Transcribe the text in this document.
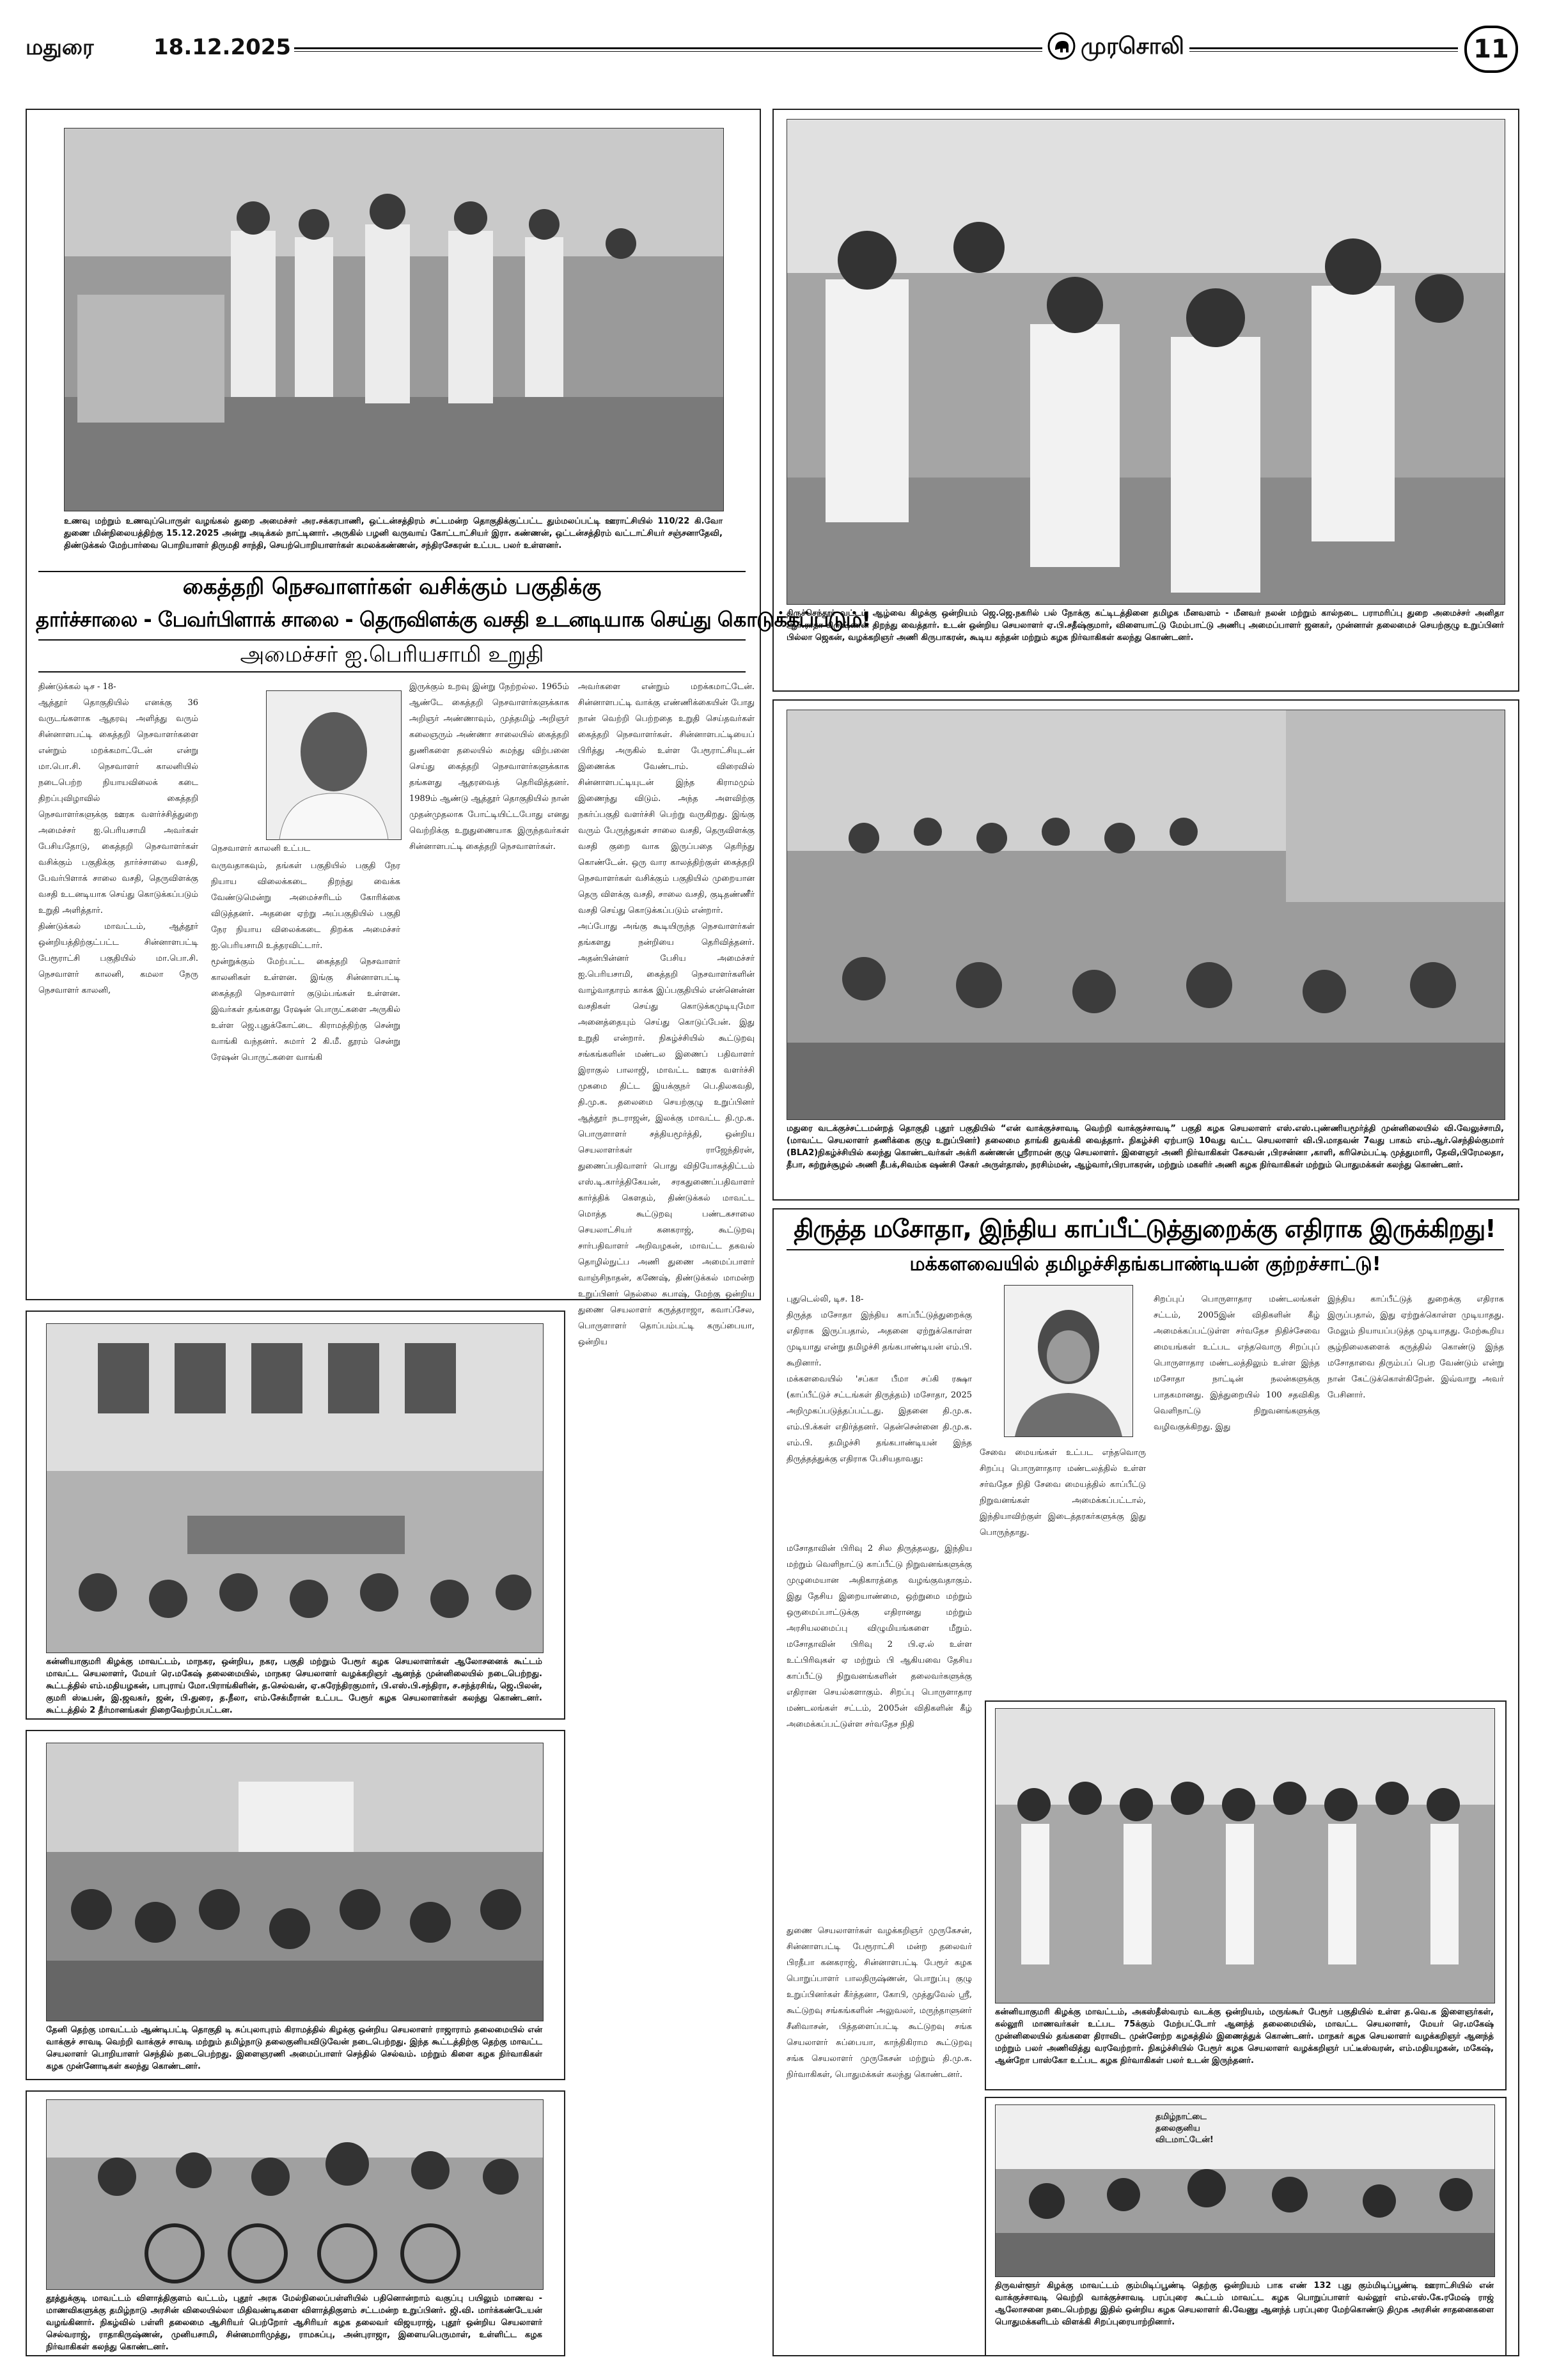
மதுரை	18.12.2025	முரசொலி	11
உணவு மற்றும் உணவுப்பொருள் வழங்கல் துறை அமைச்சர் அர.சக்கரபாணி, ஒட்டன்சத்திரம் சட்டமன்ற தொகுதிக்குட்பட்ட தும்மலப்பட்டி ஊராட்சியில் 110/22 கி.வோ துணை மின்நிலையத்திற்கு 15.12.2025 அன்று அடிக்கல் நாட்டினார். அருகில் பழனி வருவாய் கோட்டாட்சியர் இரா. கண்ணன், ஒட்டன்சத்திரம் வட்டாட்சியர் சஞ்சனாதேவி, திண்டுக்கல் மேற்பார்வை பொறியாளர் திருமதி சாந்தி, செயற்பொறியாளர்கள் கமலக்கண்ணன், சந்திரசேகரன் உட்பட பலர் உள்ளனர்.
கைத்தறி நெசவாளர்கள் வசிக்கும் பகுதிக்கு
தார்ச்சாலை - பேவர்பிளாக் சாலை - தெருவிளக்கு வசதி உடனடியாக செய்து கொடுக்கப்படும்!
அமைச்சர் ஐ.பெரியசாமி உறுதி
திண்டுக்கல் டிச - 18-
ஆத்தூர் தொகுதியில் எனக்கு 36 வருடங்களாக ஆதரவு அளித்து வரும் சின்னாளபட்டி கைத்தறி நெசவாளர்களை என்றும் மறக்கமாட்டேன் என்று மா.பொ.சி. நெசவாளர் காலனியில் நடைபெற்ற நியாயவிலைக் கடை திறப்புவிழாவில் கைத்தறி நெசவாளர்களுக்கு ஊரக வளர்ச்சித்துறை அமைச்சர் ஐ.பெரியசாமி அவர்கள் பேசியதோடு, கைத்தறி நெசவாளர்கள் வசிக்கும் பகுதிக்கு தார்ச்சாலை வசதி, பேவர்பிளாக் சாலை வசதி, தெருவிளக்கு வசதி உடனடியாக செய்து கொடுக்கப்படும் உறுதி அளித்தார்.
திண்டுக்கல் மாவட்டம், ஆத்தூர் ஒன்றியத்திற்குட்பட்ட சின்னாளபட்டி பேரூராட்சி பகுதியில் மா.பொ.சி. நெசவாளர் காலனி, கமலா நேரு நெசவாளர் காலனி,
நெசவாளர் காலனி உட்பட
வருவதாகவும், தங்கள் பகுதியில் பகுதி நேர நியாய விலைக்கடை திறந்து வைக்க வேண்டுமென்று அமைச்சரிடம் கோரிக்கை விடுத்தனர். அதனை ஏற்று அப்பகுதியில் பகுதி நேர நியாய விலைக்கடை திறக்க அமைச்சர் ஐ.பெரியசாமி உத்தரவிட்டார்.
மூன்றுக்கும் மேற்பட்ட கைத்தறி நெசவாளர் காலனிகள் உள்ளன. இங்கு சின்னாளபட்டி கைத்தறி நெசவாளர் குடும்பங்கள் உள்ளன. இவர்கள் தங்களது ரேஷன் பொருட்களை அருகில் உள்ள ஜெ.புதுக்கோட்டை கிராமத்திற்கு சென்று வாங்கி வந்தனர். சுமார் 2 கி.மீ. தூரம் சென்று ரேஷன் பொருட்களை வாங்கி
இருக்கும் உறவு இன்று நேற்றல்ல. 1965ம் ஆண்டே கைத்தறி நெசவாளர்களுக்காக அறிஞர் அண்ணாவும், முத்தமிழ் அறிஞர் கலைஞரும் அண்ணா சாலையில் கைத்தறி துணிகளை தலையில் சுமந்து விற்பனை செய்து கைத்தறி நெசவாளர்களுக்காக தங்களது ஆதரவைத் தெரிவித்தனர். 1989ம் ஆண்டு ஆத்தூர் தொகுதியில் நான் முதன்முதலாக போட்டியிட்டபோது எனது வெற்றிக்கு உறுதுணையாக இருந்தவர்கள் சின்னாளபட்டி கைத்தறி நெசவாளர்கள்.
திருச்செந்தூர் வட்டம் ஆழ்வை கிழக்கு ஒன்றியம் ஜெ.ஜெ.நகரில் பல் நோக்கு கட்டிடத்தினை தமிழக மீனவளம் - மீனவர் நலன் மற்றும் கால்நடை பராமரிப்பு துறை அமைச்சர் அனிதா ஆர்.ராதா கிருஷ்ணன் திறந்து வைத்தார். உடன் ஒன்றிய செயலாளர் ஏ.பி.சதீஷ்குமார், விளையாட்டு மேம்பாட்டு அணிபு அமைப்பாளர் ஜனகர், முன்னாள் தலைமைச் செயற்குழு உறுப்பினர் பில்லா ஜெகன், வழக்கறிஞர் அணி கிருபாகரன், கூடிய கந்தன் மற்றும் கழக நிர்வாகிகள் கலந்து கொண்டனர்.
மதுரை வடக்குச்சட்டமன்றத் தொகுதி புதூர் பகுதியில் “என் வாக்குச்சாவடி வெற்றி வாக்குச்சாவடி” பகுதி கழக செயலாளர் எஸ்.எஸ்.புண்ணியமூர்த்தி முன்னிலையில் வி.வேலுச்சாமி, (மாவட்ட செயலாளர் தணிக்கை குழு உறுப்பினர்) தலைமை தாங்கி துவக்கி வைத்தார். நிகழ்ச்சி ஏற்பாடு 10வது வட்ட செயலாளர் வி.பி.மாதவன் 7வது பாகம் எம்.ஆர்.செந்தில்குமார் (BLA2)நிகழ்ச்சியில் கலந்து கொண்டவர்கள் அக்ரி கண்ணன் ஸ்ரீராமன் குழு செயலாளர். இளைஞர் அணி நிர்வாகிகள் கேசவன் ,பிரசன்னா ,காளி, கரிசெம்பட்டி முத்துமாரி, தேவி,பிரேமலதா, தீபா, சுற்றுச்சூழல் அணி தீபக்,சிவம்க ஷண்சி சேகர் அருள்தாஸ், நரசிம்மன், ஆழ்வார்,பிரபாகரன், மற்றும் மகளிர் அணி கழக நிர்வாகிகள் மற்றும் பொதுமக்கள் கலந்து கொண்டனர்.
கன்னியாகுமரி கிழக்கு மாவட்டம், மாநகர, ஒன்றிய, நகர, பகுதி மற்றும் பேரூர் கழக செயலாளர்கள் ஆலோசனைக் கூட்டம் மாவட்ட செயலாளர், மேயர் ரெ.மகேஷ் தலைமையில், மாநகர செயலாளர் வழக்கறிஞர் ஆனந்த் முன்னிலையில் நடைபெற்றது. கூட்டத்தில் எம்.மதியழகன், பாபுராய் மோ.பிராங்கிளின், த.செல்வன், ஏ.சுரேந்திரகுமார், பி.எஸ்.பி.சந்திரா, ச.சந்த்ரசிங், ஜெ.பிலன், குமரி ஸ்டீபன், இ.ஜவகர், ஜன், பி.துரை, த.நீலா, எம்.சேக்மீரான் உட்பட பேரூர் கழக செயலாளர்கள் கலந்து கொண்டனர். கூட்டத்தில் 2 தீர்மானங்கள் நிறைவேற்றப்பட்டன.
தேனி தெற்கு மாவட்டம் ஆண்டிபட்டி தொகுதி டி சுப்புலாபுரம் கிராமத்தில் கிழக்கு ஒன்றிய செயலாளர் ராஜாராம் தலைமையில் என் வாக்குச் சாவடி வெற்றி வாக்குச் சாவடி மற்றும் தமிழ்நாடு தலைகுனியவிடுவேன் நடைபெற்றது. இந்த கூட்டத்திற்கு தெற்கு மாவட்ட செயலாளர் பொறியாளர் செந்தில் நடைபெற்றது. இளைஞரணி அமைப்பாளர் செந்தில் செல்வம். மற்றும் கிளை கழக நிர்வாகிகள் கழக முன்னோடிகள் கலந்து கொண்டனர்.
தூத்துக்குடி மாவட்டம் விளாத்திகுளம் வட்டம், புதூர் அரசு மேல்நிலைப்பள்ளியில் பதினொன்றாம் வகுப்பு பயிலும் மாணவ - மாணவிகளுக்கு தமிழ்நாடு அரசின் விலையில்லா மிதிவண்டிகளை விளாத்திகுளம் சட்டமன்ற உறுப்பினர். ஜி.வி. மார்க்கண்டேயன் வழங்கினார். நிகழ்வில் பள்ளி தலைமை ஆசிரியர் பெற்றோர் ஆசிரியர் கழக தலைவர் விஜயராஜ், புதூர் ஒன்றிய செயலாளர் செல்வராஜ், ராதாகிருஷ்ணன், முனியசாமி, சின்னமாரிமுத்து, ராமசுப்பு, அன்புராஜா, இளையபெருமாள், உள்ளிட்ட கழக நிர்வாகிகள் கலந்து கொண்டனர்.
அவர்களை என்றும் மறக்கமாட்டேன். சின்னாளபட்டி வாக்கு எண்ணிக்கையின் போது நான் வெற்றி பெற்றதை உறுதி செய்தவர்கள் கைத்தறி நெசவாளர்கள். சின்னாளபட்டியைப் பிரித்து அருகில் உள்ள பேரூராட்சியுடன் இணைக்க வேண்டாம். விரைவில் சின்னாளபட்டியுடன் இந்த கிராமமும் இணைந்து விடும். அந்த அளவிற்கு நகர்ப்பகுதி வளர்ச்சி பெற்று வருகிறது. இங்கு வரும் பேருந்துகள் சாலை வசதி, தெருவிளக்கு வசதி குறை வாக இருப்பதை தெரிந்து கொண்டேன். ஒரு வார காலத்திற்குள் கைத்தறி நெசவாளர்கள் வசிக்கும் பகுதியில் முறையான தெரு விளக்கு வசதி, சாலை வசதி, குடிதண்ணீர் வசதி செய்து கொடுக்கப்படும் என்றார்.
அப்போது அங்கு கூடியிருந்த நெசவாளர்கள் தங்களது நன்றியை தெரிவித்தனர். அதன்பின்னர் பேசிய அமைச்சர் ஐ.பெரியசாமி, கைத்தறி நெசவாளர்களின் வாழ்வாதாரம் காக்க இப்பகுதியில் என்னென்ன வசதிகள் செய்து கொடுக்கமுடியுமோ அனைத்தையும் செய்து கொடுப்பேன். இது உறுதி என்றார். நிகழ்ச்சியில் கூட்டுறவு சங்கங்களின் மண்டல இணைப் பதிவாளர் இராகுல் பாலாஜி, மாவட்ட ஊரக வளர்ச்சி முகமை திட்ட இயக்குநர் பெ.திலகவதி, தி.மு.க. தலைமை செயற்குழு உறுப்பினர் ஆத்தூர் நடராஜன், இலக்கு மாவட்ட தி.மு.க. பொருளாளர் சத்தியமூர்த்தி, ஒன்றிய செயலாளர்கள் ராஜேந்திரன், துணைப்பதிவாளர் பொது விநியோகத்திட்டம் எஸ்.டி.கார்த்திகேயன், சரகதுணைப்பதிவாளர் கார்த்திக் கௌதம், திண்டுக்கல் மாவட்ட மொத்த கூட்டுறவு பண்டகசாலை செயலாட்சியர் கனகராஜ், கூட்டுறவு சார்பதிவாளர் அறிவழகன், மாவட்ட தகவல் தொழில்நுட்ப அணி துணை அமைப்பாளர் வாஞ்சிநாதன், கணேஷ், திண்டுக்கல் மாமன்ற உறுப்பினர் நெல்லை சுபாஷ், மேற்கு ஒன்றிய துணை செயலாளர் கருத்தராஜா, கவாப்சேல, பொருளாளர் தொப்பம்பட்டி கருப்பையா, ஒன்றிய
திருத்த மசோதா, இந்திய காப்பீட்டுத்துறைக்கு எதிராக இருக்கிறது!
மக்களவையில் தமிழச்சிதங்கபாண்டியன் குற்றச்சாட்டு!
புதுடெல்லி, டிச. 18-
திருத்த மசோதா இந்திய காப்பீட்டுத்துறைக்கு எதிராக இருப்பதால், அதனை ஏற்றுக்கொள்ள முடியாது என்று தமிழச்சி தங்கபாண்டியன் எம்.பி. கூறினார்.
மக்களவையில் 'சப்கா பீமா சப்கி ரக்ஷா (காப்பீட்டுச் சட்டங்கள் திருத்தம்) மசோதா, 2025 அறிமுகப்படுத்தப்பட்டது. இதனை தி.மு.க. எம்.பி.க்கள் எதிர்த்தனர். தென்சென்னை தி.மு.க. எம்.பி. தமிழச்சி தங்கபாண்டியன் இந்த திருத்தத்துக்கு எதிராக பேசியதாவது:
மசோதாவின் பிரிவு 2 சில திருத்தலது, இந்திய மற்றும் வெளிநாட்டு காப்பீட்டு நிறுவனங்களுக்கு முழுமையான அதிகாரத்தை வழங்குவதாகும். இது தேசிய இறையாண்மை, ஒற்றுமை மற்றும் ஒருமைப்பாட்டுக்கு எதிரானது மற்றும் அரசியலமைப்பு விழுமியங்களை மீறும். மசோதாவின் பிரிவு 2 பி.ஏ.ல் உள்ள உட்பிரிவுகள் ஏ மற்றும் பி ஆகியவை தேசிய காப்பீட்டு நிறுவனங்களின் தலைவர்களுக்கு எதிரான செயல்களாகும். சிறப்பு பொருளாதார மண்டலங்கள் சட்டம், 2005ன் விதிகளின் கீழ் அமைக்கப்பட்டுள்ள சர்வதேச நிதி
சேவை மையங்கள் உட்பட எந்தவொரு சிறப்பு பொருளாதார மண்டலத்தில் உள்ள சர்வதேச நிதி சேவை மையத்தில் காப்பீட்டு நிறுவனங்கள் அமைக்கப்பட்டால், இந்தியாவிற்குள் இடைத்தரகர்களுக்கு இது பொருந்தாது.
சிறப்புப் பொருளாதார மண்டலங்கள் சட்டம், 2005இன் விதிகளின் கீழ் அமைக்கப்பட்டுள்ள சர்வதேச நிதிச்சேவை மையங்கள் உட்பட எந்தவொரு சிறப்புப் பொருளாதார மண்டலத்திலும் உள்ள இந்த மசோதா நாட்டின் நலன்களுக்கு பாதகமானது. இத்துறையில் 100 சதவிகித வெளிநாட்டு நிறுவனங்களுக்கு வழிவகுக்கிறது. இது
இந்திய காப்பீட்டுத் துறைக்கு எதிராக இருப்பதால், இது ஏற்றுக்கொள்ள முடியாதது. மேலும் நியாயப்படுத்த முடியாதது. மேற்கூறிய சூழ்நிலைகளைக் கருத்தில் கொண்டு இந்த மசோதாவை திரும்பப் பெற வேண்டும் என்று நான் கேட்டுக்கொள்கிறேன். இவ்வாறு அவர் பேசினார்.
கன்னியாகுமரி கிழக்கு மாவட்டம், அகஸ்தீஸ்வரம் வடக்கு ஒன்றியம், மருங்கூர் பேரூர் பகுதியில் உள்ள த.வெ.க இளைஞர்கள், கல்லூரி மாணவர்கள் உட்பட 75க்கும் மேற்பட்டோர் ஆனந்த் தலைமையில், மாவட்ட செயலாளர், மேயர் ரெ.மகேஷ் முன்னிலையில் தங்களை திராவிட முன்னேற்ற கழகத்தில் இணைத்துக் கொண்டனர். மாநகர் கழக செயலாளர் வழக்கறிஞர் ஆனந்த் மற்றும் பலர் அணிவித்து வரவேற்றார். நிகழ்ச்சியில் பேரூர் கழக செயலாளர் வழக்கறிஞர் பட்டீஸ்வரன், எம்.மதியழகன், மகேஷ், ஆன்றோ பாஸ்கோ உட்பட கழக நிர்வாகிகள் பலர் உடன் இருந்தனர்.
துணை செயலாளர்கள் வழக்கறிஞர் முருகேசன், சின்னாளபட்டி பேரூராட்சி மன்ற தலைவர் பிரதீபா கனகராஜ், சின்னாளபட்டி பேரூர் கழக பொறுப்பாளர் பாலதிருஷ்ணன், பொறுப்பு குழு உறுப்பினர்கள் கீர்த்தனா, கோபி, முத்துவேல் ஸ்ரீ, கூட்டுறவு சங்கங்களின் அலுவலர், மருந்தாளுனர் சீனிவாசன், பித்தளைப்பட்டி கூட்டுறவு சங்க செயலாளர் சுப்பையா, காந்திகிராம கூட்டுறவு சங்க செயலாளர் முருகேசன் மற்றும் தி.மு.க. நிர்வாகிகள், பொதுமக்கள் கலந்து கொண்டனர்.
தமிழ்நாட்டை தலைகுனிய விடமாட்டேன்!
திருவள்ளூர் கிழக்கு மாவட்டம் கும்மிடிப்பூண்டி தெற்கு ஒன்றியம் பாக எண் 132 புது கும்மிடிப்பூண்டி ஊராட்சியில் என் வாக்குச்சாவடி வெற்றி வாக்குச்சாவடி பரப்புரை கூட்டம் மாவட்ட கழக பொறுப்பாளர் வல்லூர் எம்.எஸ்.கே.ரமேஷ் ராஜ் ஆலோசனை நடைபெற்றது இதில் ஒன்றிய கழக செயலாளர் கி.வேணு ஆனந்த் பரப்புரை மேற்கொண்டு திமுக அரசின் சாதனைகளை பொதுமக்களிடம் விளக்கி சிறப்புரையாற்றினார்.
